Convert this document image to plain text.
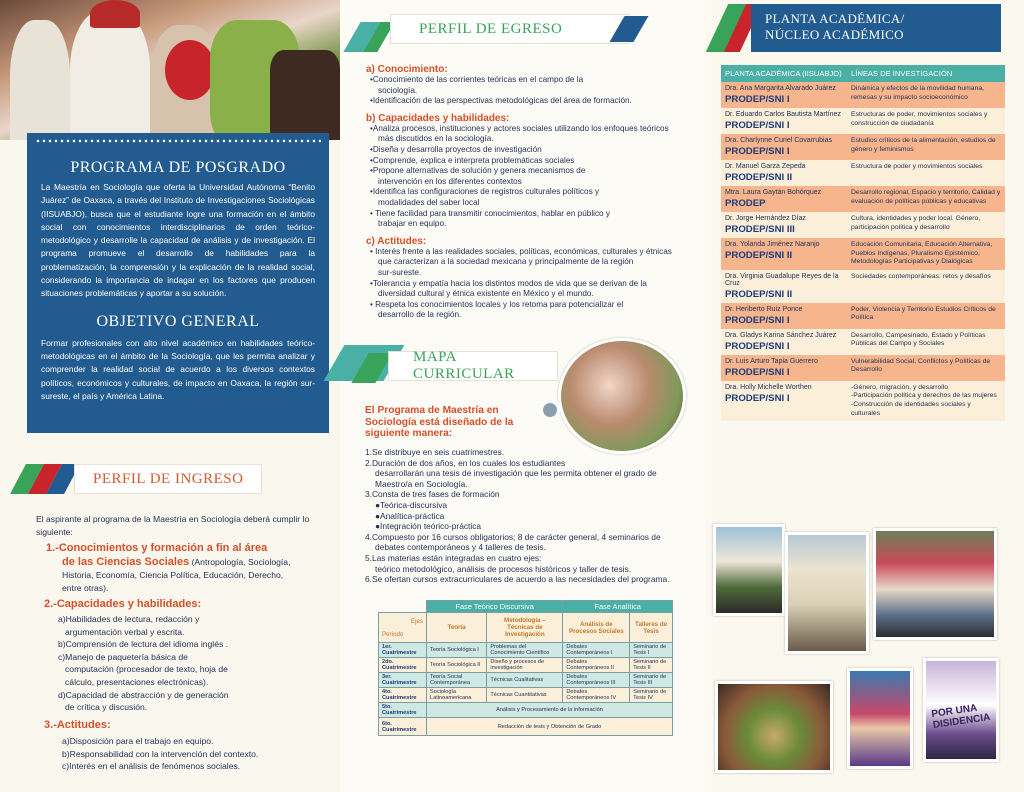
PROGRAMA DE POSGRADO

La Maestría en Sociología que oferta la Universidad Autónoma “Benito Juárez” de Oaxaca, a través del Instituto de Investigaciones Sociológicas (IISUABJO), busca que el estudiante logre una formación en el ámbito social con conocimientos interdisciplinarios de orden teórico-metodológico y desarrolle la capacidad de análisis y de investigación. El programa promueve el desarrollo de habilidades para la problematización, la comprensión y la explicación de la realidad social, considerando la importancia de indagar en los factores que producen situaciones problemáticas y aportar a su solución.

OBJETIVO GENERAL

Formar profesionales con alto nivel académico en habilidades teórico-metodológicas en el ámbito de la Sociología, que les permita analizar y comprender la realidad social de acuerdo a los diversos contextos políticos, económicos y culturales, de impacto en Oaxaca, la región sur-sureste, el país y América Latina.

PERFIL DE INGRESO
El aspirante al programa de la Maestría en Sociología deberá cumplir lo siguiente:
1.-Conocimientos y formación a fin al área
de las Ciencias Sociales (Antropología, Sociología,
Historia, Economía, Ciencia Política, Educación, Derecho,
entre otras).
2.-Capacidades y habilidades:
a)Habilidades de lectura, redacción y
argumentación verbal y escrita.
b)Comprensión de lectura del idioma inglés .
c)Manejo de paquetería básica de
computación (procesador de texto, hoja de
cálculo, presentaciones electrónicas).
d)Capacidad de abstracción y de generación
de crítica y discusión.
3.-Actitudes:
a)Disposición para el trabajo en equipo.
b)Responsabilidad con la intervención del contexto.
c)Interés en el análisis de fenómenos sociales.
PERFIL DE EGRESO
a) Conocimiento:
•Conocimiento de las corrientes teóricas en el campo de la
sociología.
•Identificación de las perspectivas metodológicas del área de formación.
b) Capacidades y habilidades:
•Analiza procesos, instituciones y actores sociales utilizando los enfoques teóricos
más discutidos en la sociología.
•Diseña y desarrolla proyectos de investigación
•Comprende, explica e interpreta problemáticas sociales
•Propone alternativas de solución y genera mecanismos de
intervención en los diferentes contextos
•Identifica las configuraciones de registros culturales políticos y
modalidades del saber local
• Tiene facilidad para transmitir conocimientos, hablar en público y
trabajar en equipo.
c) Actitudes:
• Interés frente a las realidades sociales, políticas, económicas, culturales y étnicas
que caracterizan a la sociedad mexicana y principalmente de la región
sur-sureste.
•Tolerancia y empatía hacia los distintos modos de vida que se derivan de la
diversidad cultural y étnica existente en México y el mundo.
• Respeta los conocimientos locales y los retoma para potencializar el
desarrollo de la región.
MAPA CURRICULAR
El Programa de Maestría en Sociología está diseñado de la siguiente manera:
1.Se distribuye en seis cuatrimestres.
2.Duración de dos años, en los cuales los estudiantes
desarrollarán una tesis de investigación que les permita obtener el grado de
Maestro/a en Sociología.
3.Consta de tres fases de formación
●Teórica-discursiva
●Analítica-práctica
●Integración teórico-práctica
4.Compuesto por 16 cursos obligatorios; 8 de carácter general, 4 seminarios de
debates contemporáneos y 4 talleres de tesis.
5.Las materias están integradas en cuatro ejes:
teórico metodológico, análisis de procesos históricos y taller de tesis.
6.Se ofertan cursos extracurriculares de acuerdo a las necesidades del programa.
	Fase Teórico Discursiva		Fase Analítica	

Ejes
Periodo	Teoría	Metodología – Técnicas de Investigación	Análisis de Procesos Sociales	Talleres de Tesis
1er. Cuatrimestre	Teoría Sociológica I	Problemas del Conocimiento Científico	Debates Contemporáneos I	Seminario de Tesis I
2do. Cuatrimestre	Teoría Sociológica II	Diseño y procesos de investigación	Debates Contemporáneos II	Seminario de Tesis II
3er. Cuatrimestre	Teoría Social Contemporánea	Técnicas Cualitativas	Debates Contemporáneos III	Seminario de Tesis III
4to. Cuatrimestre	Sociología Latinoamericana	Técnicas Cuantitativas	Debates Contemporáneos IV	Seminario de Tesis IV
5to. Cuatrimestre	Análisis y Procesamiento de la información			
6to. Cuatrimestre	Redacción de tesis y Obtención de Grado			
PLANTA ACADÉMICA/
NÚCLEO ACADÉMICO
PLANTA ACADÉMICA (IISUABJO)	LÍNEAS DE INVESTIGACIÓN
Dra. Ana Margarita Alvarado Juárez
PRODEP/SNI I	Dinámica y efectos de la movilidad humana, remesas y su impacto socioeconómico
Dr. Eduardo Carlos Bautista Martínez
PRODEP/SNI I	Estructuras de poder, movimientos sociales y construcción de ciudadanía
Dra. Charlynne Curiel Covarrubias
PRODEP/SNI I	Estudios críticos de la alimentación, estudios de género y feminismos
Dr. Manuel Garza Zepeda
PRODEP/SNI II	Estructura de poder y movimientos sociales
Mtra. Laura Gaytán Bohórquez
PRODEP	Desarrollo regional, Espacio y territorio, Calidad y evaluación de políticas públicas y educativas
Dr. Jorge Hernández Díaz
PRODEP/SNI III	Cultura, identidades y poder local. Género, participación política y desarrollo
Dra. Yolanda Jiménez Naranjo
PRODEP/SNI II	Educación Comunitaria, Educación Alternativa, Pueblos Indígenas, Pluralismo Epistémico, Metodologías Participativas y Dialógicas
Dra. Virginia Guadalupe Reyes de la Cruz
PRODEP/SNI II	Sociedades contemporáneas: retos y desafíos
Dr. Heriberto Ruiz Ponce
PRODEP/SNI I	Poder, Violencia y Territorio Estudios Críticos de Política
Dra. Gladys Karina Sánchez Juárez
PRODEP/SNI I	Desarrollo, Campesinado, Estado y Políticas Públicas del Campo y Sociales
Dr. Luis Arturo Tapia Guerrero
PRODEP/SNI I	Vulnerabilidad Social, Conflictos y Políticas de Desarrollo
Dra. Holly Michelle Worthen
PRODEP/SNI I	-Género, migración, y desarrollo
-Participación política y derechos de las mujeres
-Construcción de identidades sociales y culturales
POR UNA DISIDENCIA
